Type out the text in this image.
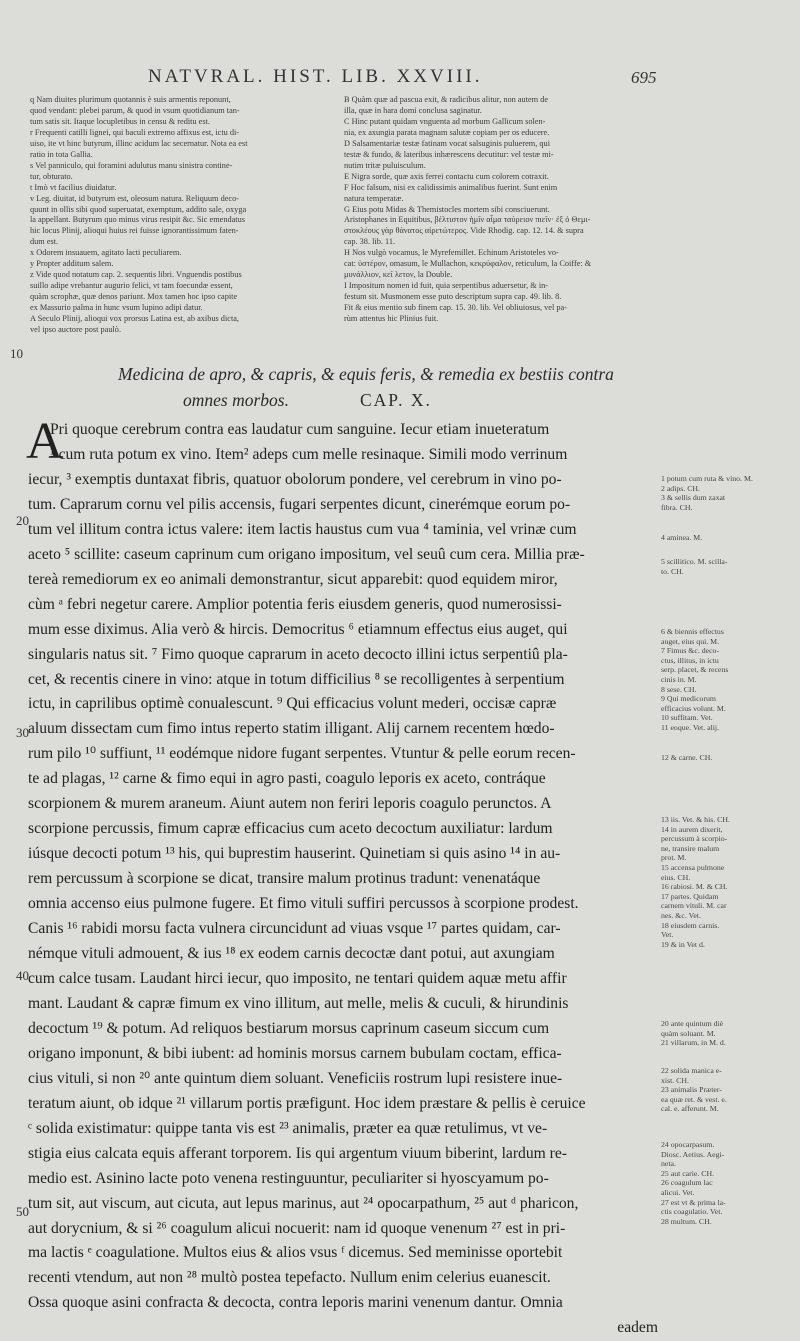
NATVRAL. HIST. LIB. XXVIII.	695

q Nam diuites plurimum quotannis è suis armentis reponunt,

quod vendant: plebei parum, & quod in vsum quotidianum tan-

tum satis sit. Itaque locupletibus in censu & reditu est.

r Frequenti catilli lignei, qui baculi extremo affixus est, ictu di-

uiso, ite vt hinc butyrum, illinc acidum lac secernatur. Nota ea est

ratio in tota Gallia.

s Vel panniculo, qui foramini adulutus manu sinistra contine-

tur, obturato.

t Imò vt facilius diuidatur.

v Leg. diuitat, id butyrum est, oleosum natura. Reliquum deco-

quunt in ollis sibi quod superuatat, exemptum, addito sale, oxyga

la appellant. Butyrum quo minus virus resipit &c. Sic emendatus

hic locus Plinij, alioqui huius rei fuisse ignorantissimum faten-

dum est.

x Odorem insuauem, agitato lacti peculiarem.

y Propter additum salem.

z Vide quod notatum cap. 2. sequentis libri. Vnguendis postibus

suillo adipe vrebantur augurio felici, vt tam foecundæ essent,

quàm scrophæ, quæ denos pariunt. Mox tamen hoc ipso capite

ex Massurio palma in hunc vsum lupino adipi datur.

A Seculo Plinij, alioqui vox prorsus Latina est, ab axibus dicta,

vel ipso auctore post paulò.

B Quàm quæ ad pascua exit, & radicibus alitur, non autem de

illa, quæ in hara domi conclusa saginatur.

C Hinc putant quidam vnguenta ad morbum Gallicum solen-

nia, ex axungia parata magnam salutæ copiam per os educere.

D Salsamentariæ testæ fatinam vocat salsuginis puluerem, qui

testæ & fundo, & lateribus inhærescens decutitur: vel testæ mi-

nutim tritæ puluisculum.

E Nigra sorde, quæ axis ferrei contactu cum colorem cotraxit.

F Hoc falsum, nisi ex calidissimis animalibus fuerint. Sunt enim

natura temperatæ.

G Eius potu Midas & Themistocles mortem sibi consciuerunt.

Aristophanes in Equitibus, βέλτιστον ἡμῖν αἷμα ταύρειον πιεῖν· ἐξ ὁ Θεμι-

στοκλέους γὰρ θάνατος αἱρετώτερος. Vide Rhodig. cap. 12. 14. & supra

cap. 38. lib. 11.

H Nos vulgò vocamus, le Myrefemillet. Echinum Aristoteles vo-

cat: ὑστέρον, omasum, le Mullachon, κεκρύφαλον, reticulum, la Coiffe: &

μυνάλλιον, κεῖ λετον, la Double.

I Impositum nomen id fuit, quia serpentibus aduersetur, & in-

festum sit. Musmonem esse puto descriptum supra cap. 49. lib. 8.

Fit & eius mentio sub finem cap. 15. 30. lib. Vel obliuiosus, vel pa-

rùm attentus hic Plinius fuit.

10
20
30
40
50
Medicina de apro, & capris, & equis feris, & remedia ex bestiis contra
omnes morbos.	CAP. X.
A

Pri quoque cerebrum contra eas laudatur cum sanguine. Iecur etiam inueteratum

¹ cum ruta potum ex vino. Item² adeps cum melle resinaque. Simili modo verrinum

iecur, ³ exemptis duntaxat fibris, quatuor obolorum pondere, vel cerebrum in vino po-

tum. Caprarum cornu vel pilis accensis, fugari serpentes dicunt, cinerémque eorum po-

tum vel illitum contra ictus valere: item lactis haustus cum vua ⁴ taminia, vel vrinæ cum

aceto ⁵ scillite: caseum caprinum cum origano impositum, vel seuû cum cera. Millia præ-

tereà remediorum ex eo animali demonstrantur, sicut apparebit: quod equidem miror,

cùm ᵃ febri negetur carere. Amplior potentia feris eiusdem generis, quod numerosissi-

mum esse diximus. Alia verò & hircis. Democritus ⁶ etiamnum effectus eius auget, qui

singularis natus sit. ⁷ Fimo quoque caprarum in aceto decocto illini ictus serpentiû pla-

cet, & recentis cinere in vino: atque in totum difficilius ⁸ se recolligentes à serpentium

ictu, in caprilibus optimè conualescunt. ⁹ Qui efficacius volunt mederi, occisæ capræ

aluum dissectam cum fimo intus reperto statim illigant. Alij carnem recentem hœdo-

rum pilo ¹⁰ suffiunt, ¹¹ eodémque nidore fugant serpentes. Vtuntur & pelle eorum recen-

te ad plagas, ¹² carne & fimo equi in agro pasti, coagulo leporis ex aceto, contráque

scorpionem & murem araneum. Aiunt autem non feriri leporis coagulo perunctos. A

scorpione percussis, fimum capræ efficacius cum aceto decoctum auxiliatur: lardum

iúsque decocti potum ¹³ his, qui buprestim hauserint. Quinetiam si quis asino ¹⁴ in au-

rem percussum à scorpione se dicat, transire malum protinus tradunt: venenatáque

omnia accenso eius pulmone fugere. Et fimo vituli suffiri percussos à scorpione prodest.

Canis ¹⁶ rabidi morsu facta vulnera circuncidunt ad viuas vsque ¹⁷ partes quidam, car-

némque vituli admouent, & ius ¹⁸ ex eodem carnis decoctæ dant potui, aut axungiam

cum calce tusam. Laudant hirci iecur, quo imposito, ne tentari quidem aquæ metu affir

mant. Laudant & capræ fimum ex vino illitum, aut melle, melis & cuculi, & hirundinis

decoctum ¹⁹ & potum. Ad reliquos bestiarum morsus caprinum caseum siccum cum

origano imponunt, & bibi iubent: ad hominis morsus carnem bubulam coctam, effica-

cius vituli, si non ²⁰ ante quintum diem soluant. Veneficiis rostrum lupi resistere inue-

teratum aiunt, ob idque ²¹ villarum portis præfigunt. Hoc idem præstare & pellis è ceruice

ᶜ solida existimatur: quippe tanta vis est ²³ animalis, præter ea quæ retulimus, vt ve-

stigia eius calcata equis afferant torporem. Iis qui argentum viuum biberint, lardum re-

medio est. Asinino lacte poto venena restinguuntur, peculiariter si hyoscyamum po-

tum sit, aut viscum, aut cicuta, aut lepus marinus, aut ²⁴ opocarpathum, ²⁵ aut ᵈ pharicon,

aut dorycnium, & si ²⁶ coagulum alicui nocuerit: nam id quoque venenum ²⁷ est in pri-

ma lactis ᵉ coagulatione. Multos eius & alios vsus ᶠ dicemus. Sed meminisse oportebit

recenti vtendum, aut non ²⁸ multò postea tepefacto. Nullum enim celerius euanescit.

Ossa quoque asini confracta & decocta, contra leporis marini venenum dantur. Omnia

eadem

1 potum cum ruta & vino. M.

2 adips. CH.

3 & sellis dum zaxat

fibra. CH.

4 aminea. M.

5 scillitico. M. scilla-

to. CH.

6 & biennis effectus

auget, eius qui. M.

7 Fimus &c. deco-

ctus, illitus, in ictu

serp. placet, & recens

cinis in. M.

8 sese. CH.

9 Qui medicorum

efficacius volunt. M.

10 suffitam. Vet.

11 eoque. Vet. alij.

12 & carne. CH.

13 iis. Vet. & his. CH.

14 in aurem dixerit,

percussum à scorpio-

ne, transire malum

prot. M.

15 accensa pulmone

eius. CH.

16 rabiosi. M. & CH.

17 partes. Quidam

carnem vituli. M. car

nes. &c. Vet.

18 eiusdem carnis.

Vet.

19 & in Vet d.

20 ante quintum diè

quàm soluant. M.

21 villarum, in M. d.

22 solida manica e-

xist. CH.

23 animalis Præter-

ea quæ ret. & vest. e.

cal. e. afferunt. M.

24 opocarpasum.

Diosc. Aetius. Aegi-

neta.

25 aut carie. CH.

26 coagulum lac

alicui. Vet.

27 est vt & prima la-

ctis coagulatio. Vet.

28 multum. CH.
